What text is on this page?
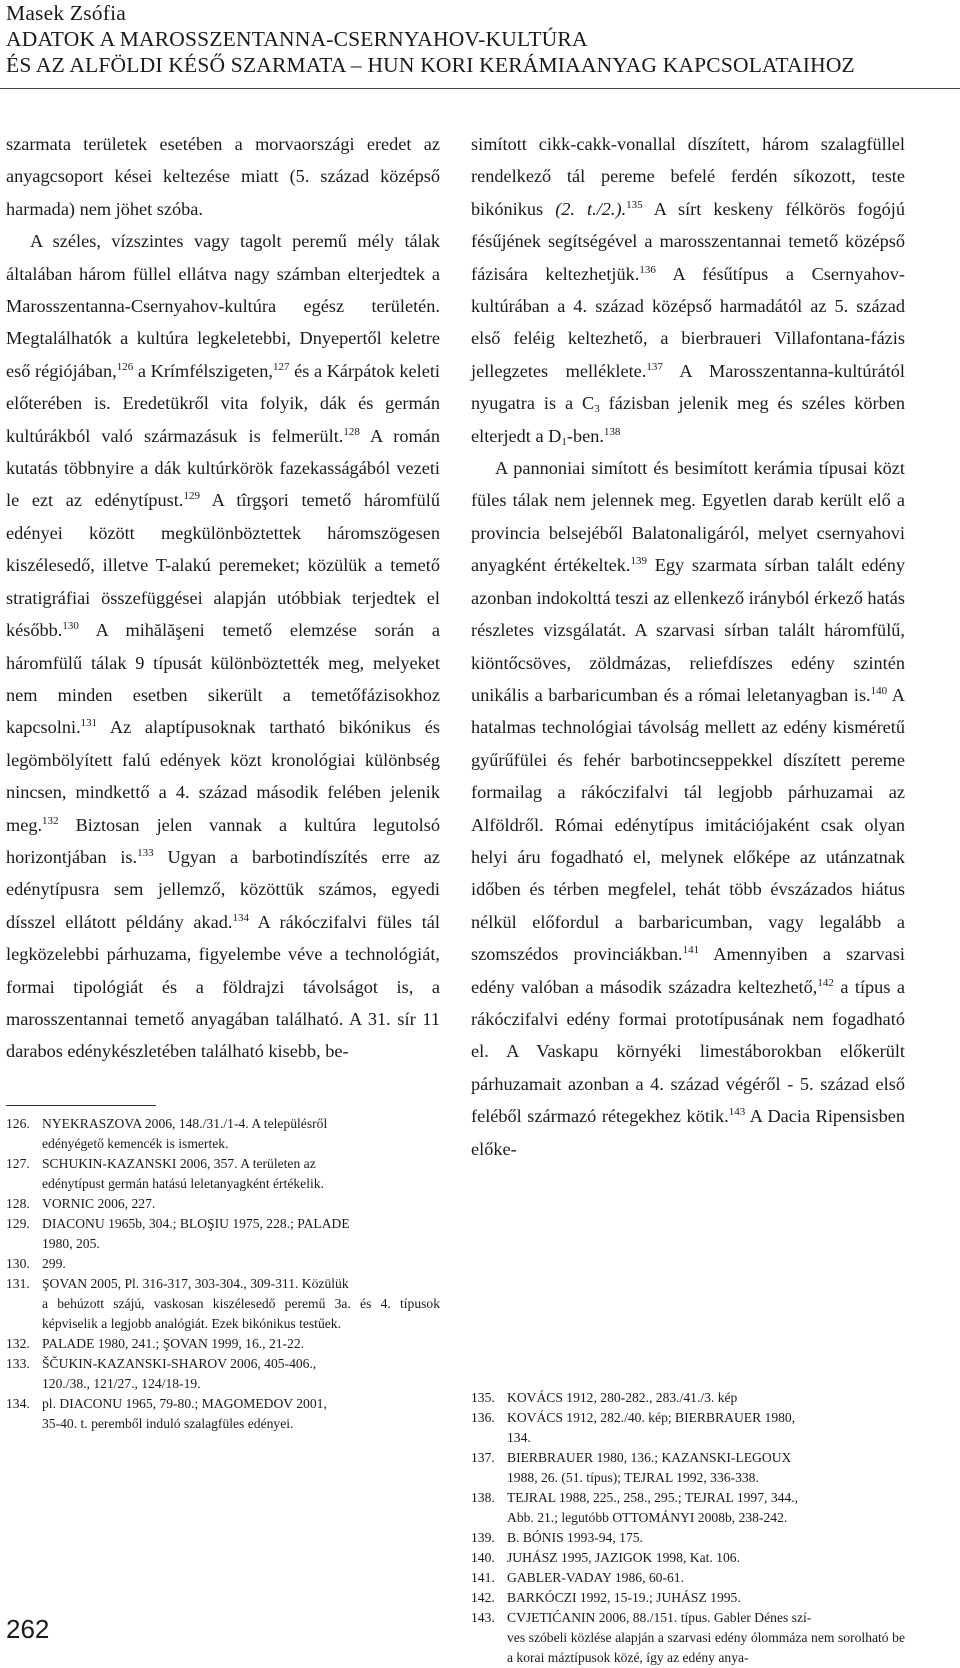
Masek Zsófia
ADATOK A MAROSSZENTANNA-CSERNYAHOV-KULTÚRA
ÉS AZ ALFÖLDI KÉSŐ SZARMATA – HUN KORI KERÁMIAANYAG KAPCSOLATAIHOZ

szarmata területek esetében a morvaországi eredet az anyagcsoport kései keltezése miatt (5. század középső harmada) nem jöhet szóba.

A széles, vízszintes vagy tagolt peremű mély tálak általában három füllel ellátva nagy számban elterjedtek a Marosszentanna-Csernyahov-kultúra egész területén. Megtalálhatók a kultúra legkeletebbi, Dnyepertől keletre eső régiójában,$^{126}$ a Krímfélszigeten,$^{127}$ és a Kárpátok keleti előterében is. Eredetükről vita folyik, dák és germán kultúrákból való származásuk is felmerült.$^{128}$ A román kutatás többnyire a dák kultúrkörök fazekasságából vezeti le ezt az edénytípust.$^{129}$ A tîrgşori temető háromfülű edényei között megkülönböztettek háromszögesen kiszélesedő, illetve T-alakú peremeket; közülük a temető stratigráfiai összefüggései alapján utóbbiak terjedtek el később.$^{130}$ A mihălăşeni temető elemzése során a háromfülű tálak 9 típusát különböztették meg, melyeket nem minden esetben sikerült a temetőfázisokhoz kapcsolni.$^{131}$ Az alaptípusoknak tartható bikónikus és legömbölyített falú edények közt kronológiai különbség nincsen, mindkettő a 4. század második felében jelenik meg.$^{132}$ Biztosan jelen vannak a kultúra legutolsó horizontjában is.$^{133}$ Ugyan a barbotindíszítés erre az edénytípusra sem jellemző, közöttük számos, egyedi dísszel ellátott példány akad.$^{134}$ A rákóczifalvi füles tál legközelebbi párhuzama, figyelembe véve a technológiát, formai tipológiát és a földrajzi távolságot is, a marosszentannai temető anyagában található. A 31. sír 11 darabos edénykészletében található kisebb, be-

126. NYEKRASZOVA 2006, 148./31./1-4. A településről
edényégető kemencék is ismertek.
127. SCHUKIN-KAZANSKI 2006, 357. A területen az
edénytípust germán hatású leletanyagként értékelik.
128. VORNIC 2006, 227.
129. DIACONU 1965b, 304.; BLOŞIU 1975, 228.; PALADE
1980, 205.
130. 299.
131. ŞOVAN 2005, Pl. 316-317, 303-304., 309-311. Közülük
a behúzott szájú, vaskosan kiszélesedő peremű 3a. és 4. típusok képviselik a legjobb analógiát. Ezek bikónikus testűek.
132. PALADE 1980, 241.; ŞOVAN 1999, 16., 21-22.
133. ŠČUKIN-KAZANSKI-SHAROV 2006, 405-406.,
120./38., 121/27., 124/18-19.
134. pl. DIACONU 1965, 79-80.; MAGOMEDOV 2001,
35-40. t. peremből induló szalagfüles edényei.

simított cikk-cakk-vonallal díszített, három szalagfüllel rendelkező tál pereme befelé ferdén síkozott, teste bikónikus (2. t./2.).$^{135}$ A sírt keskeny félkörös fogójú fésűjének segítségével a marosszentannai temető középső fázisára keltezhetjük.$^{136}$ A fésűtípus a Csernyahov-kultúrában a 4. század középső harmadától az 5. század első feléig keltezhető, a bierbraueri Villafontana-fázis jellegzetes melléklete.$^{137}$ A Marosszentanna-kultúrától nyugatra is a $C_3$ fázisban jelenik meg és széles körben elterjedt a $D_1-ben.^{138}$

A pannoniai simított és besimított kerámia típusai közt füles tálak nem jelennek meg. Egyetlen darab került elő a provincia belsejéből Balatonaligáról, melyet csernyahovi anyagként értékeltek.$^{139}$ Egy szarmata sírban talált edény azonban indokolttá teszi az ellenkező irányból érkező hatás részletes vizsgálatát. A szarvasi sírban talált háromfülű, kiöntőcsöves, zöldmázas, reliefdíszes edény szintén unikális a barbaricumban és a római leletanyagban is.$^{140}$ A hatalmas technológiai távolság mellett az edény kisméretű gyűrűfülei és fehér barbotincseppekkel díszített pereme formailag a rákóczifalvi tál legjobb párhuzamai az Alföldről. Római edénytípus imitációjaként csak olyan helyi áru fogadható el, melynek előképe az utánzatnak időben és térben megfelel, tehát több évszázados hiátus nélkül előfordul a barbaricumban, vagy legalább a szomszédos provinciákban.$^{141}$ Amennyiben a szarvasi edény valóban a második századra keltezhető,$^{142}$ a típus a rákóczifalvi edény formai prototípusának nem fogadható el. A Vaskapu környéki limestáborokban előkerült párhuzamait azonban a 4. század végéről - 5. század első feléből származó rétegekhez kötik.$^{143}$ A Dacia Ripensisben előke-

135. KOVÁCS 1912, 280-282., 283./41./3. kép
136. KOVÁCS 1912, 282./40. kép; BIERBRAUER 1980,
134.
137. BIERBRAUER 1980, 136.; KAZANSKI-LEGOUX
1988, 26. (51. típus); TEJRAL 1992, 336-338.
138. TEJRAL 1988, 225., 258., 295.; TEJRAL 1997, 344.,
Abb. 21.; legutóbb OTTOMÁNYI 2008b, 238-242.
139. B. BÓNIS 1993-94, 175.
140. JUHÁSZ 1995, JAZIGOK 1998, Kat. 106.
141. GABLER-VADAY 1986, 60-61.
142. BARKÓCZI 1992, 15-19.; JUHÁSZ 1995.
143. CVJETIĆANIN 2006, 88./151. típus. Gabler Dénes szí-
ves szóbeli közlése alapján a szarvasi edény ólommáza nem sorolható be a korai máztípusok közé, így az edény anya-
262
